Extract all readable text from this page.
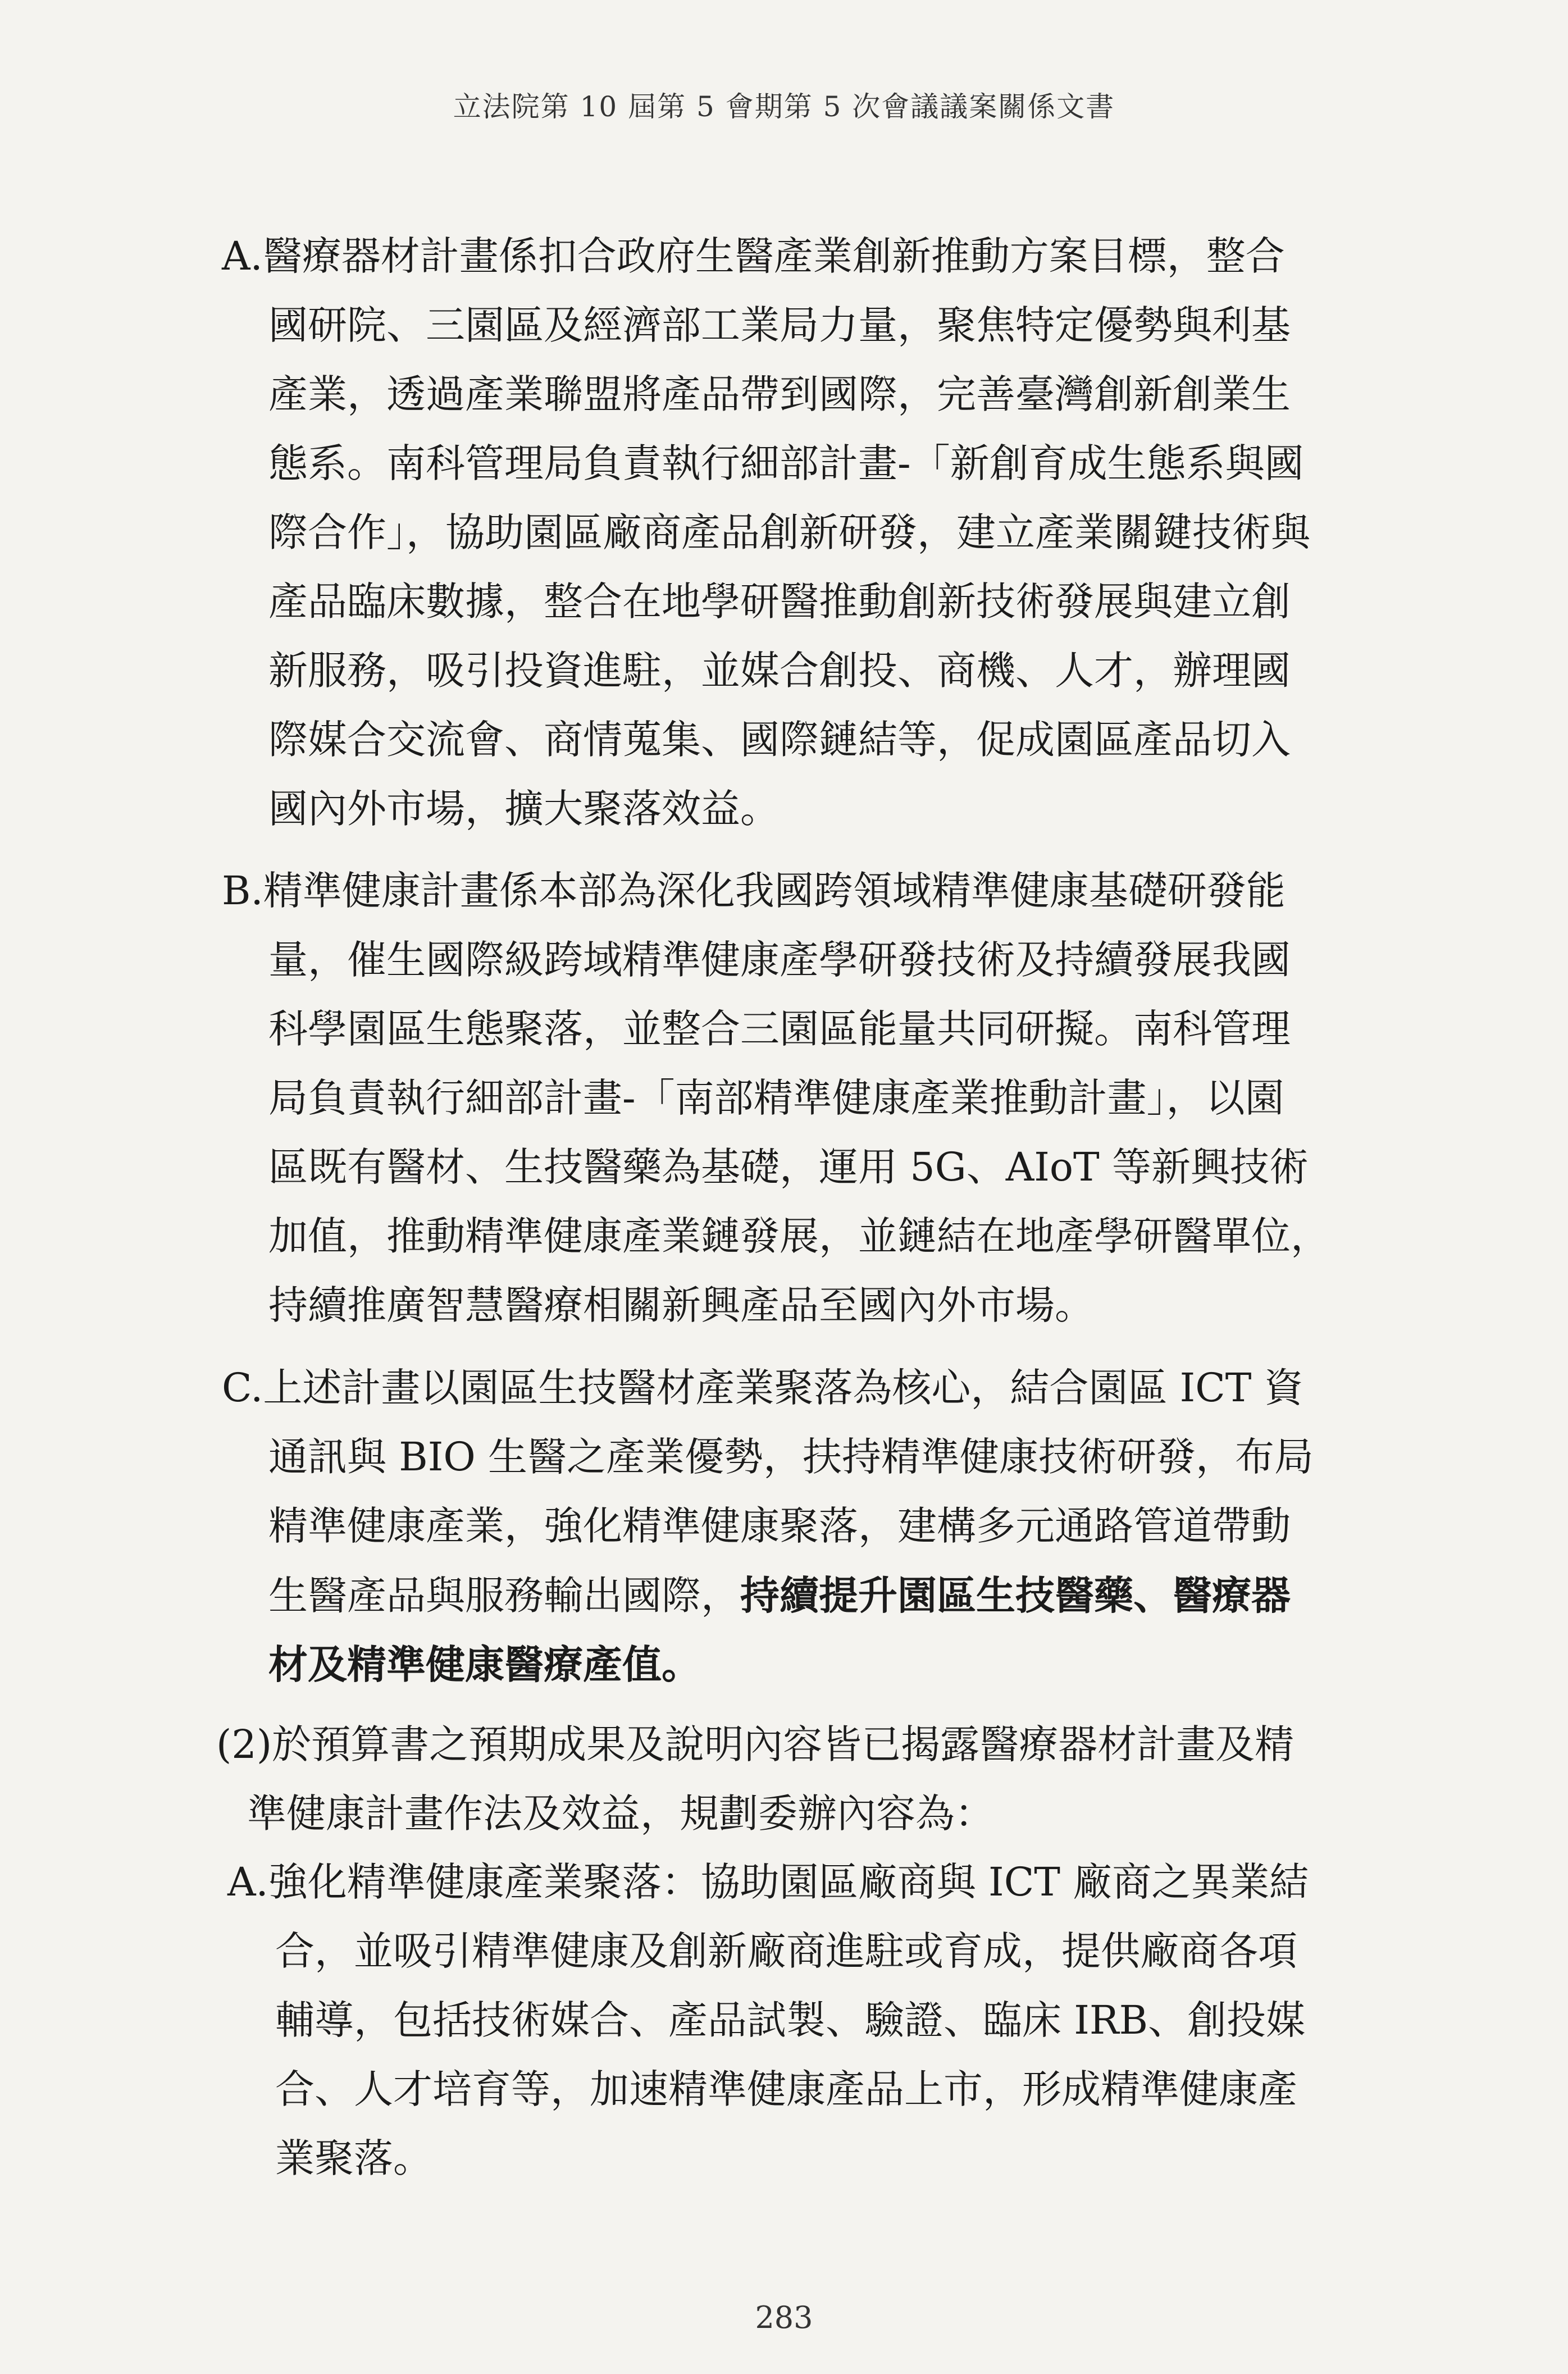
立法院第 10 屆第 5 會期第 5 次會議議案關係文書
A.醫療器材計畫係扣合政府生醫產業創新推動方案目標，整合
國研院、三園區及經濟部工業局力量，聚焦特定優勢與利基
產業，透過產業聯盟將產品帶到國際，完善臺灣創新創業生
態系。南科管理局負責執行細部計畫-「新創育成生態系與國
際合作」，協助園區廠商產品創新研發，建立產業關鍵技術與
產品臨床數據，整合在地學研醫推動創新技術發展與建立創
新服務，吸引投資進駐，並媒合創投、商機、人才，辦理國
際媒合交流會、商情蒐集、國際鏈結等，促成園區產品切入
國內外市場，擴大聚落效益。
B.精準健康計畫係本部為深化我國跨領域精準健康基礎研發能
量，催生國際級跨域精準健康產學研發技術及持續發展我國
科學園區生態聚落，並整合三園區能量共同研擬。南科管理
局負責執行細部計畫-「南部精準健康產業推動計畫」，以園
區既有醫材、生技醫藥為基礎，運用 5G、AIoT 等新興技術
加值，推動精準健康產業鏈發展，並鏈結在地產學研醫單位，
持續推廣智慧醫療相關新興產品至國內外市場。
C.上述計畫以園區生技醫材產業聚落為核心，結合園區 ICT 資
通訊與 BIO 生醫之產業優勢，扶持精準健康技術研發，布局
精準健康產業，強化精準健康聚落，建構多元通路管道帶動
生醫產品與服務輸出國際，持續提升園區生技醫藥、醫療器
材及精準健康醫療產值。
(2)於預算書之預期成果及說明內容皆已揭露醫療器材計畫及精
準健康計畫作法及效益，規劃委辦內容為：
A.強化精準健康產業聚落：協助園區廠商與 ICT 廠商之異業結
合，並吸引精準健康及創新廠商進駐或育成，提供廠商各項
輔導，包括技術媒合、產品試製、驗證、臨床 IRB、創投媒
合、人才培育等，加速精準健康產品上市，形成精準健康產
業聚落。
283
